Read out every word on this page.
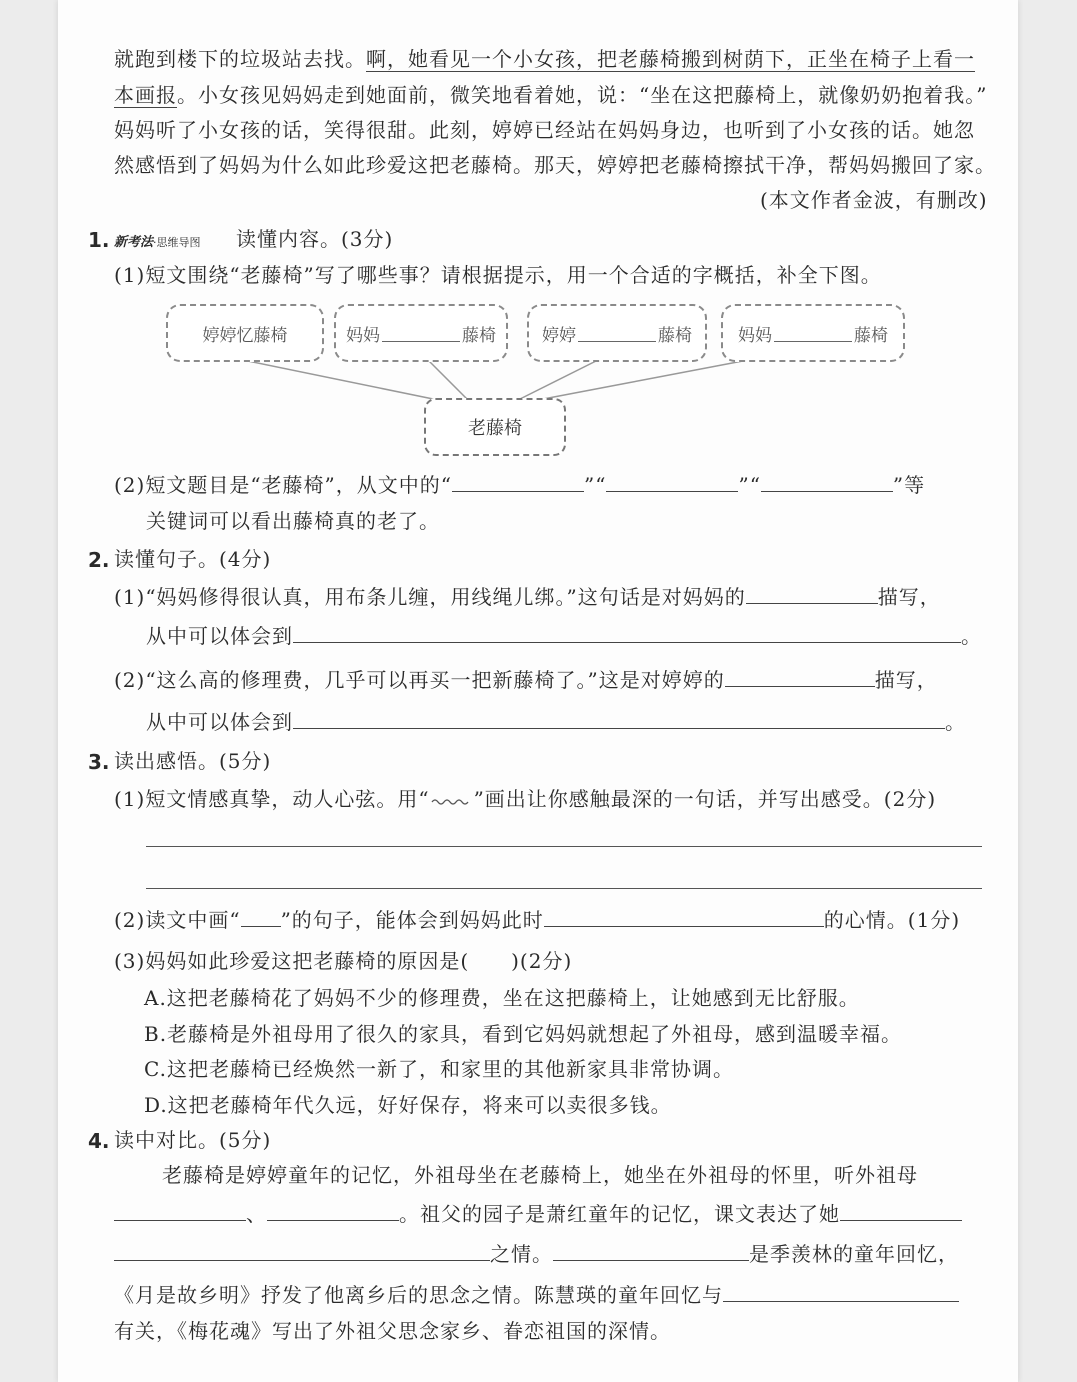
就跑到楼下的垃圾站去找。啊，她看见一个小女孩，把老藤椅搬到树荫下，正坐在椅子上看一
本画报。小女孩见妈妈走到她面前，微笑地看着她，说：“坐在这把藤椅上，就像奶奶抱着我。”
妈妈听了小女孩的话，笑得很甜。此刻，婷婷已经站在妈妈身边，也听到了小女孩的话。她忽
然感悟到了妈妈为什么如此珍爱这把老藤椅。那天，婷婷把老藤椅擦拭干净，帮妈妈搬回了家。
(本文作者金波，有删改)
1. 新考法·思维导图 读懂内容。(3分)
(1)短文围绕“老藤椅”写了哪些事？请根据提示，用一个合适的字概括，补全下图。
婷婷忆藤椅	妈妈	藤椅	婷婷	藤椅	妈妈	藤椅
老藤椅
(2)短文题目是“老藤椅”，从文中的“	”“	”“	”等
关键词可以看出藤椅真的老了。
2. 读懂句子。(4分)
(1)“妈妈修得很认真，用布条儿缠，用线绳儿绑。”这句话是对妈妈的	描写，
从中可以体会到	。
(2)“这么高的修理费，几乎可以再买一把新藤椅了。”这是对婷婷的	描写，
从中可以体会到	。
3. 读出感悟。(5分)
(1)短文情感真挚，动人心弦。用“ ”画出让你感触最深的一句话，并写出感受。(2分)
(2)读文中画“ ”的句子，能体会到妈妈此时	的心情。(1分)
(3)妈妈如此珍爱这把老藤椅的原因是(　　)(2分)
A.这把老藤椅花了妈妈不少的修理费，坐在这把藤椅上，让她感到无比舒服。
B.老藤椅是外祖母用了很久的家具，看到它妈妈就想起了外祖母，感到温暖幸福。
C.这把老藤椅已经焕然一新了，和家里的其他新家具非常协调。
D.这把老藤椅年代久远，好好保存，将来可以卖很多钱。
4. 读中对比。(5分)
老藤椅是婷婷童年的记忆，外祖母坐在老藤椅上，她坐在外祖母的怀里，听外祖母
、	。祖父的园子是萧红童年的记忆，课文表达了她
之情。	是季羡林的童年回忆，
《月是故乡明》抒发了他离乡后的思念之情。陈慧瑛的童年回忆与
有关，《梅花魂》写出了外祖父思念家乡、眷恋祖国的深情。
